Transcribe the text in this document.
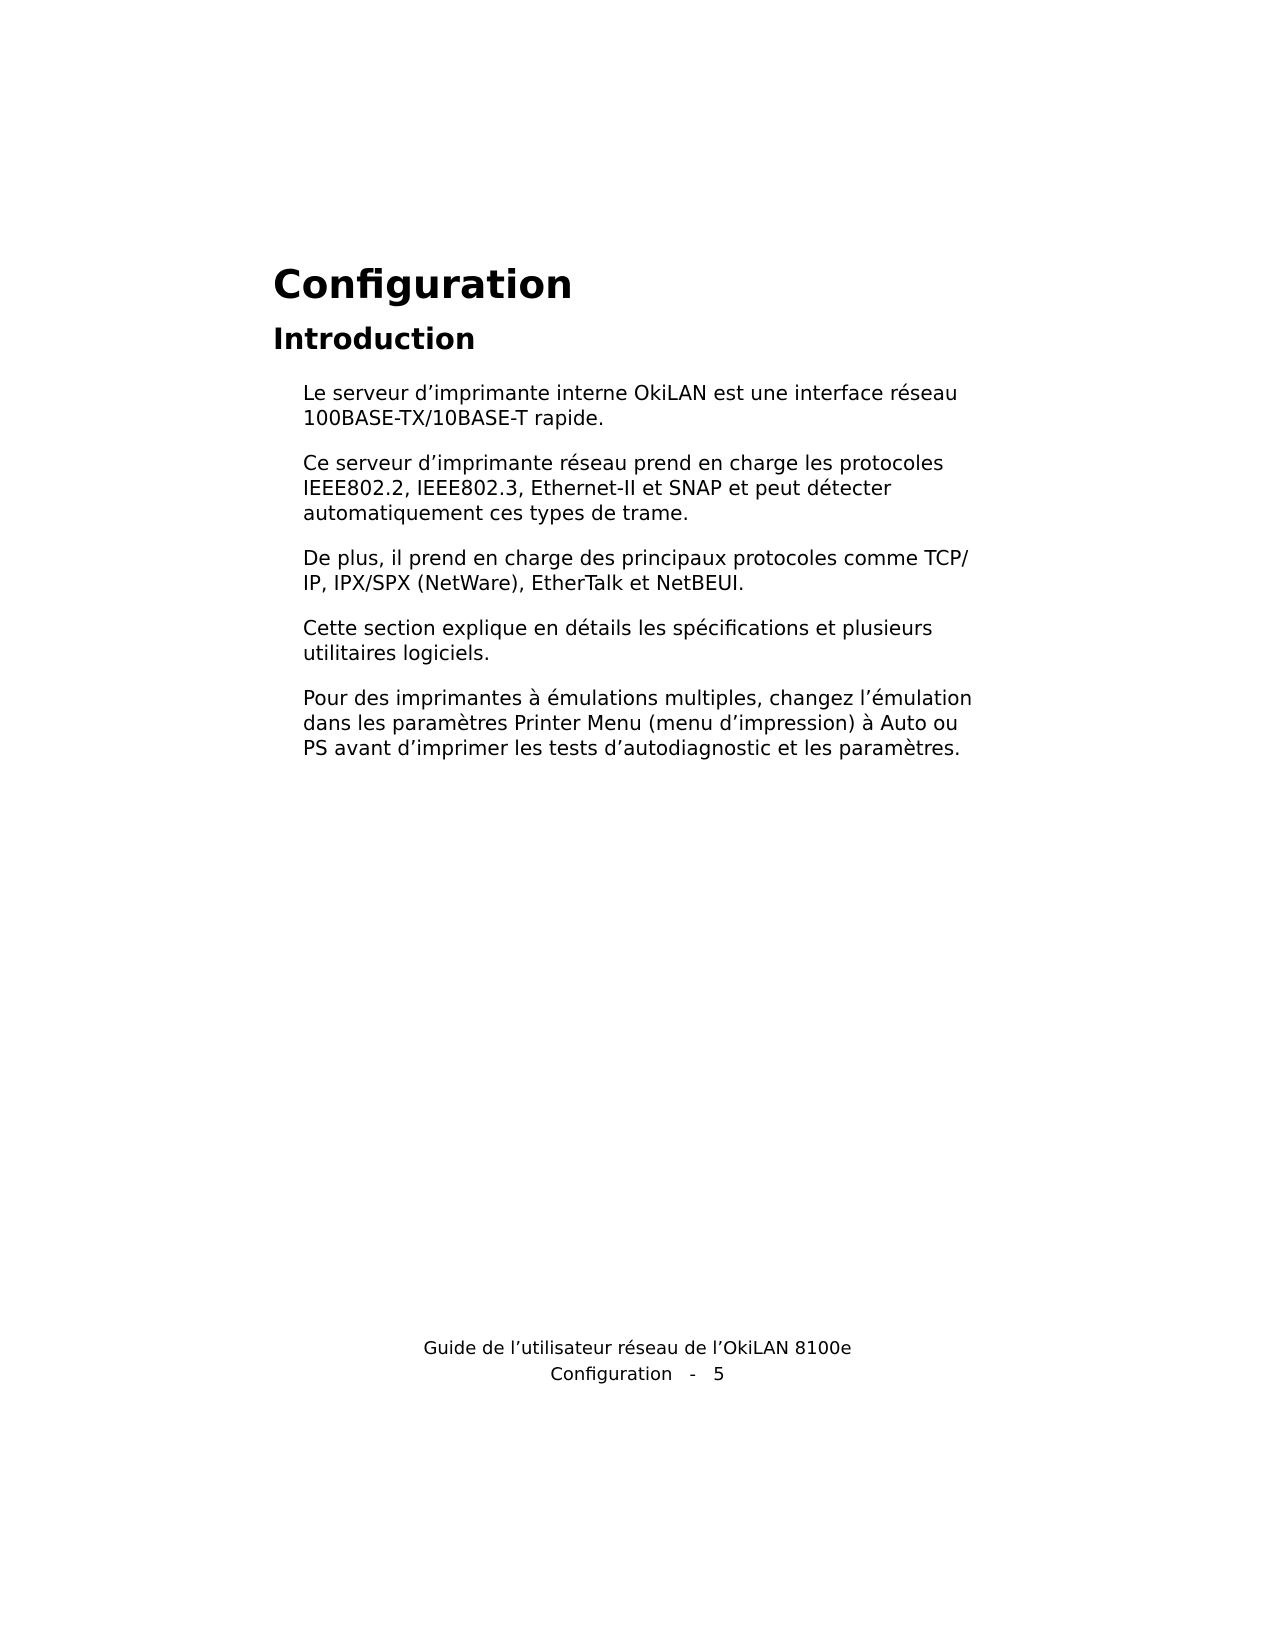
Configuration
Introduction

Le serveur d’imprimante interne OkiLAN est une interface réseau
100BASE-TX/10BASE-T rapide.

Ce serveur d’imprimante réseau prend en charge les protocoles
IEEE802.2, IEEE802.3, Ethernet-II et SNAP et peut détecter
automatiquement ces types de trame.

De plus, il prend en charge des principaux protocoles comme TCP/
IP, IPX/SPX (NetWare), EtherTalk et NetBEUI.

Cette section explique en détails les spécifications et plusieurs
utilitaires logiciels.

Pour des imprimantes à émulations multiples, changez l’émulation
dans les paramètres Printer Menu (menu d’impression) à Auto ou
PS avant d’imprimer les tests d’autodiagnostic et les paramètres.

Guide de l’utilisateur réseau de l’OkiLAN 8100e
Configuration   -   5
